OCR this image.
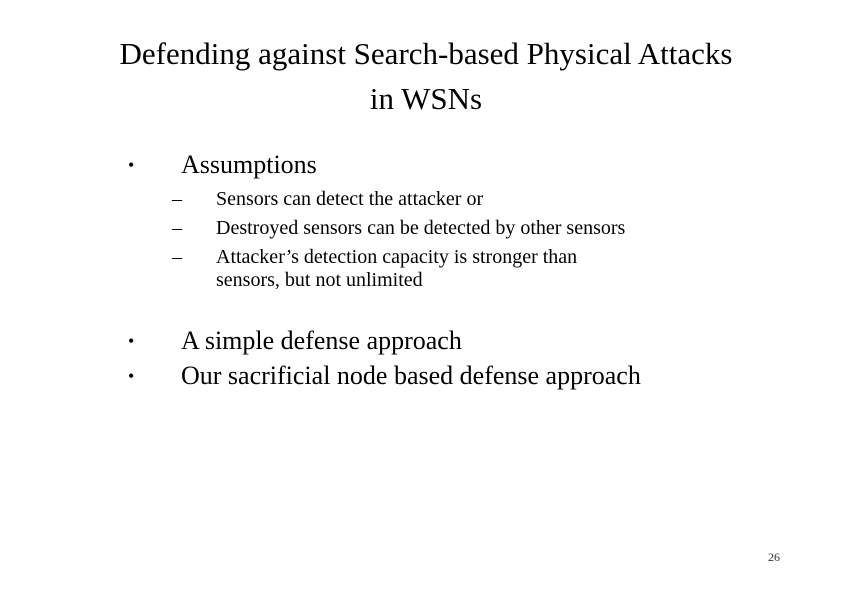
Defending against Search-based Physical Attacks
in WSNs
• Assumptions
– Sensors can detect the attacker or
– Destroyed sensors can be detected by other sensors
– Attacker’s detection capacity is stronger than
sensors, but not unlimited
• A simple defense approach
• Our sacrificial node based defense approach
26
